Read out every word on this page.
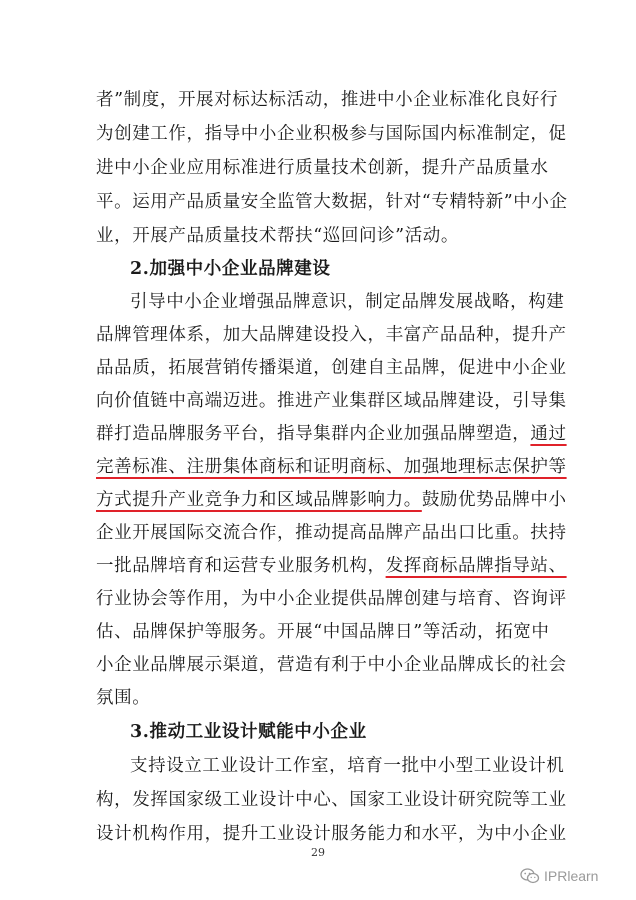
者”制度，开展对标达标活动，推进中小企业标准化良好行
为创建工作，指导中小企业积极参与国际国内标准制定，促
进中小企业应用标准进行质量技术创新，提升产品质量水
平。运用产品质量安全监管大数据，针对“专精特新”中小企
业，开展产品质量技术帮扶“巡回问诊”活动。
2.加强中小企业品牌建设
引导中小企业增强品牌意识，制定品牌发展战略，构建
品牌管理体系，加大品牌建设投入，丰富产品品种，提升产
品品质，拓展营销传播渠道，创建自主品牌，促进中小企业
向价值链中高端迈进。推进产业集群区域品牌建设，引导集
群打造品牌服务平台，指导集群内企业加强品牌塑造，通过
完善标准、注册集体商标和证明商标、加强地理标志保护等
方式提升产业竞争力和区域品牌影响力。鼓励优势品牌中小
企业开展国际交流合作，推动提高品牌产品出口比重。扶持
一批品牌培育和运营专业服务机构，发挥商标品牌指导站、
行业协会等作用，为中小企业提供品牌创建与培育、咨询评
估、品牌保护等服务。开展“中国品牌日”等活动，拓宽中
小企业品牌展示渠道，营造有利于中小企业品牌成长的社会
氛围。
3.推动工业设计赋能中小企业
支持设立工业设计工作室，培育一批中小型工业设计机
构，发挥国家级工业设计中心、国家工业设计研究院等工业
设计机构作用，提升工业设计服务能力和水平，为中小企业
29
IPRlearn
